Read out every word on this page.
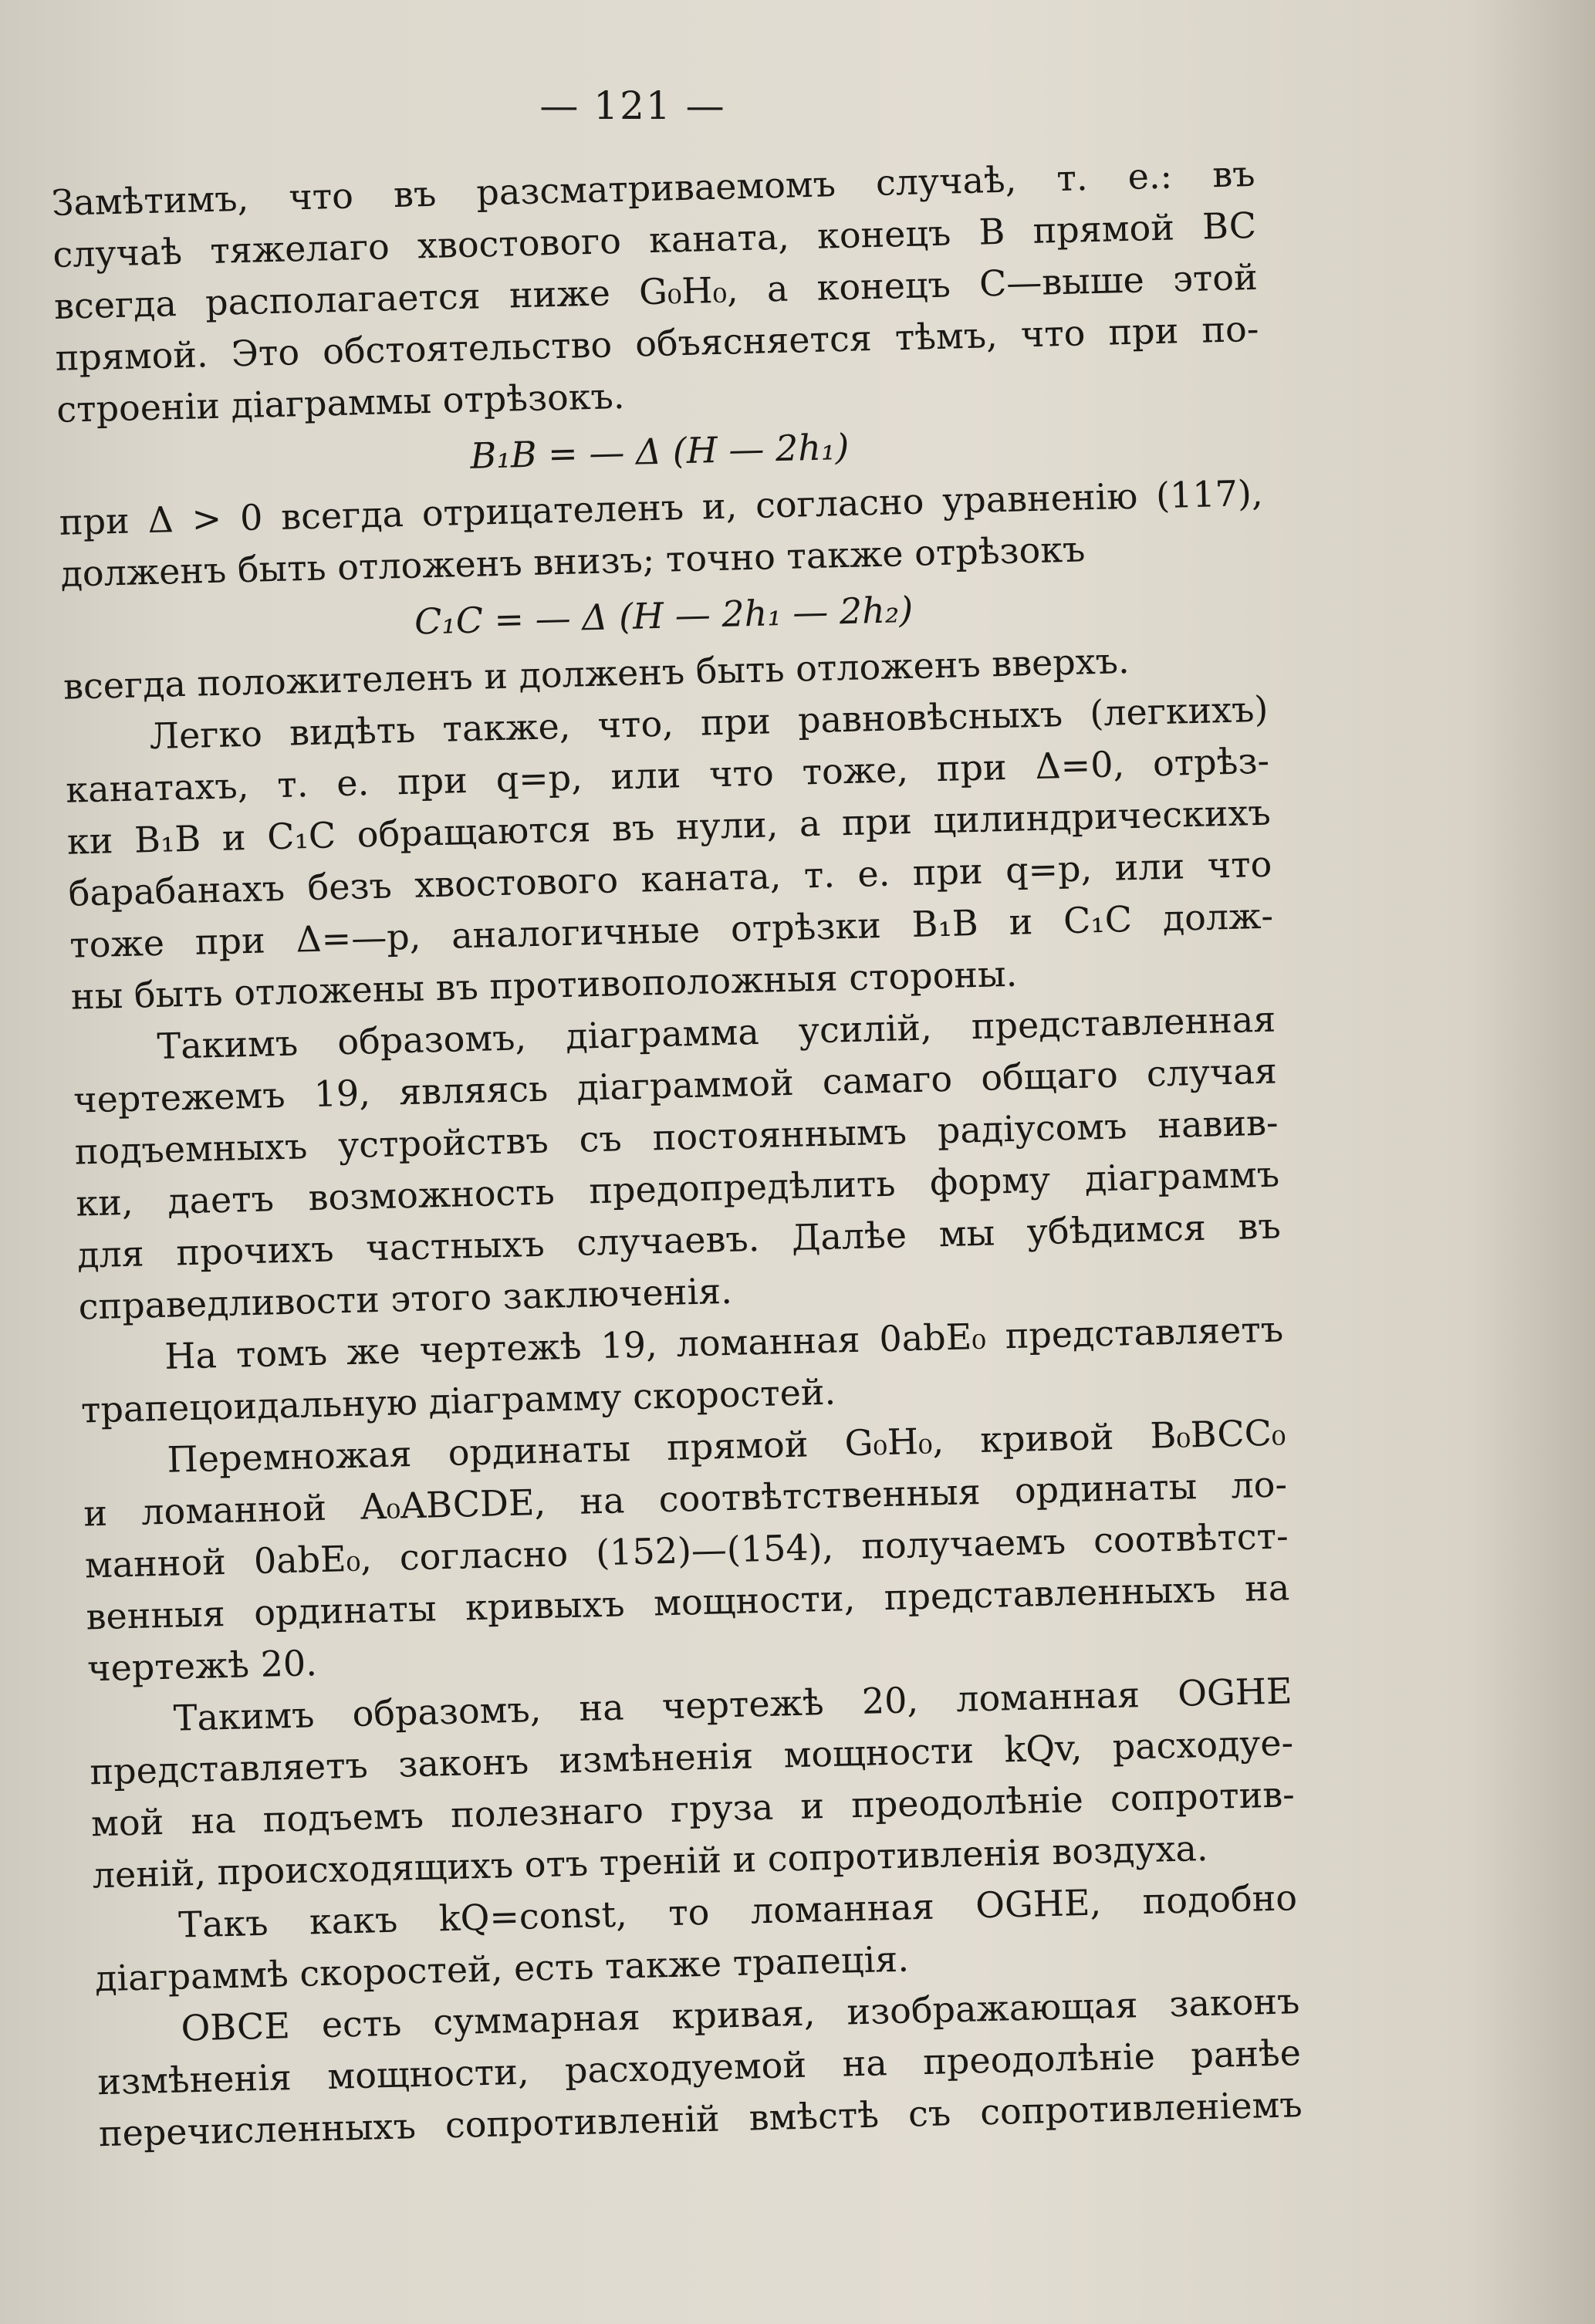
— 121 —
Замѣтимъ, что въ разсматриваемомъ случаѣ, т. е.: въ
случаѣ тяжелаго хвостового каната, конецъ B прямой BC
всегда располагается ниже G₀H₀, а конецъ C—выше этой
прямой. Это обстоятельство объясняется тѣмъ, что при по-
строеніи діаграммы отрѣзокъ.
B₁B = — Δ (H — 2h₁)
при Δ > 0 всегда отрицателенъ и, согласно уравненію (117),
долженъ быть отложенъ внизъ; точно также отрѣзокъ
C₁C = — Δ (H — 2h₁ — 2h₂)
всегда положителенъ и долженъ быть отложенъ вверхъ.
Легко видѣть также, что, при равновѣсныхъ (легкихъ)
канатахъ, т. е. при q=p, или что тоже, при Δ=0, отрѣз-
ки B₁B и C₁C обращаются въ нули, а при цилиндрическихъ
барабанахъ безъ хвостового каната, т. е. при q=p, или что
тоже при Δ=—p, аналогичные отрѣзки B₁B и C₁C долж-
ны быть отложены въ противоположныя стороны.
Такимъ образомъ, діаграмма усилій, представленная
чертежемъ 19, являясь діаграммой самаго общаго случая
подъемныхъ устройствъ съ постояннымъ радіусомъ навив-
ки, даетъ возможность предопредѣлить форму діаграммъ
для прочихъ частныхъ случаевъ. Далѣе мы убѣдимся въ
справедливости этого заключенія.
На томъ же чертежѣ 19, ломанная 0abE₀ представляетъ
трапецоидальную діаграмму скоростей.
Перемножая ординаты прямой G₀H₀, кривой B₀BCC₀
и ломанной A₀ABCDE, на соотвѣтственныя ординаты ло-
манной 0abE₀, согласно (152)—(154), получаемъ соотвѣтст-
венныя ординаты кривыхъ мощности, представленныхъ на
чертежѣ 20.
Такимъ образомъ, на чертежѣ 20, ломанная OGHE
представляетъ законъ измѣненія мощности kQv, расходуе-
мой на подъемъ полезнаго груза и преодолѣніе сопротив-
леній, происходящихъ отъ треній и сопротивленія воздуха.
Такъ какъ kQ=const, то ломанная OGHE, подобно
діаграммѣ скоростей, есть также трапеція.
OBCE есть суммарная кривая, изображающая законъ
измѣненія мощности, расходуемой на преодолѣніе ранѣе
перечисленныхъ сопротивленій вмѣстѣ съ сопротивленіемъ
